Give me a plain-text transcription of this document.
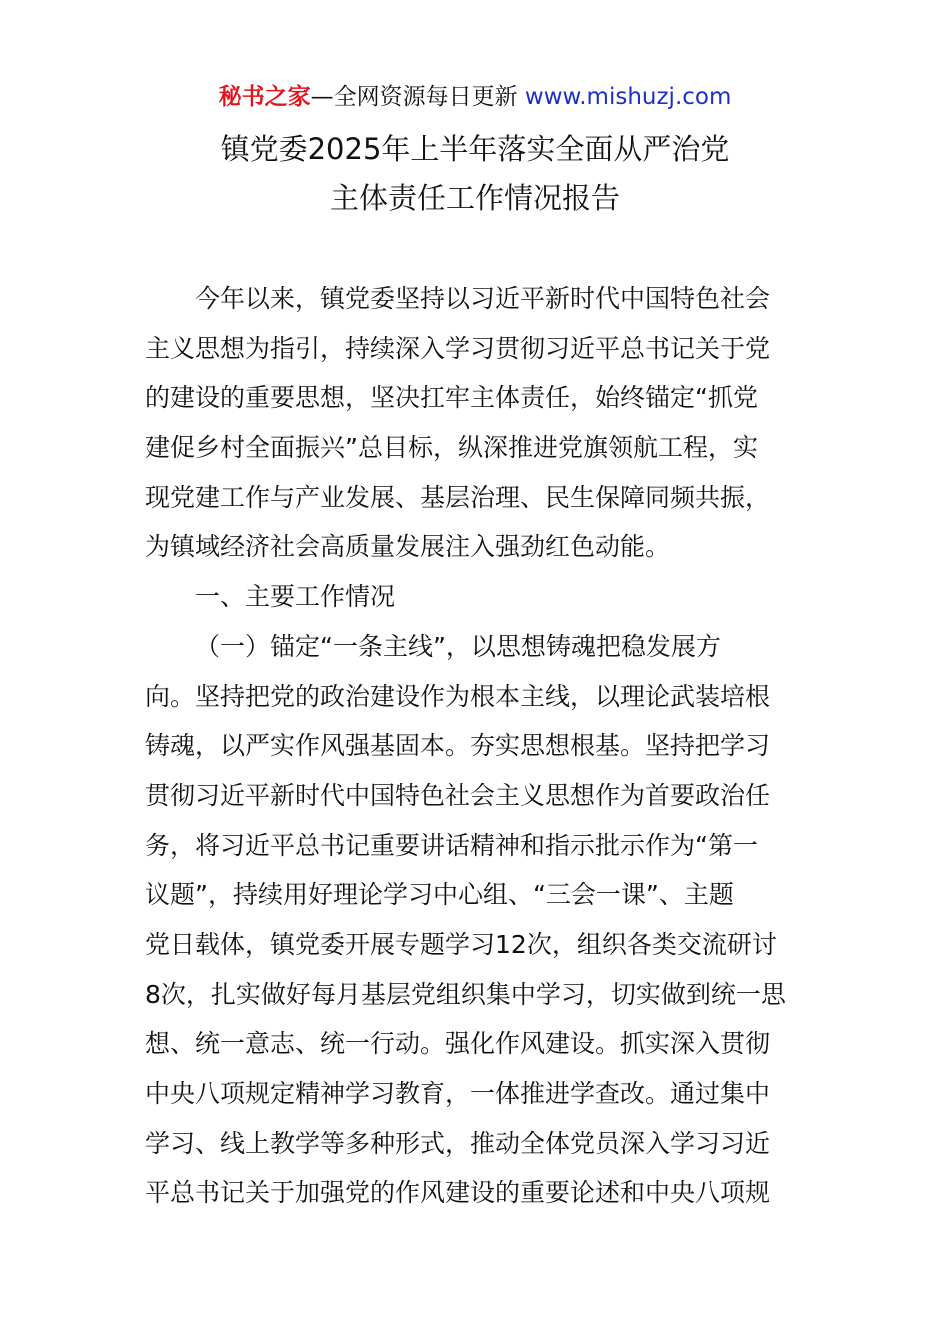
秘书之家—全网资源每日更新 www.mishuzj.com
镇党委2025年上半年落实全面从严治党
主体责任工作情况报告
今年以来，镇党委坚持以习近平新时代中国特色社会
主义思想为指引，持续深入学习贯彻习近平总书记关于党
的建设的重要思想，坚决扛牢主体责任，始终锚定“抓党
建促乡村全面振兴”总目标，纵深推进党旗领航工程，实
现党建工作与产业发展、基层治理、民生保障同频共振，
为镇域经济社会高质量发展注入强劲红色动能。
一、主要工作情况
（一）锚定“一条主线”，以思想铸魂把稳发展方
向。坚持把党的政治建设作为根本主线，以理论武装培根
铸魂，以严实作风强基固本。夯实思想根基。坚持把学习
贯彻习近平新时代中国特色社会主义思想作为首要政治任
务，将习近平总书记重要讲话精神和指示批示作为“第一
议题”，持续用好理论学习中心组、“三会一课”、主题
党日载体，镇党委开展专题学习12次，组织各类交流研讨
8次，扎实做好每月基层党组织集中学习，切实做到统一思
想、统一意志、统一行动。强化作风建设。抓实深入贯彻
中央八项规定精神学习教育，一体推进学查改。通过集中
学习、线上教学等多种形式，推动全体党员深入学习习近
平总书记关于加强党的作风建设的重要论述和中央八项规
